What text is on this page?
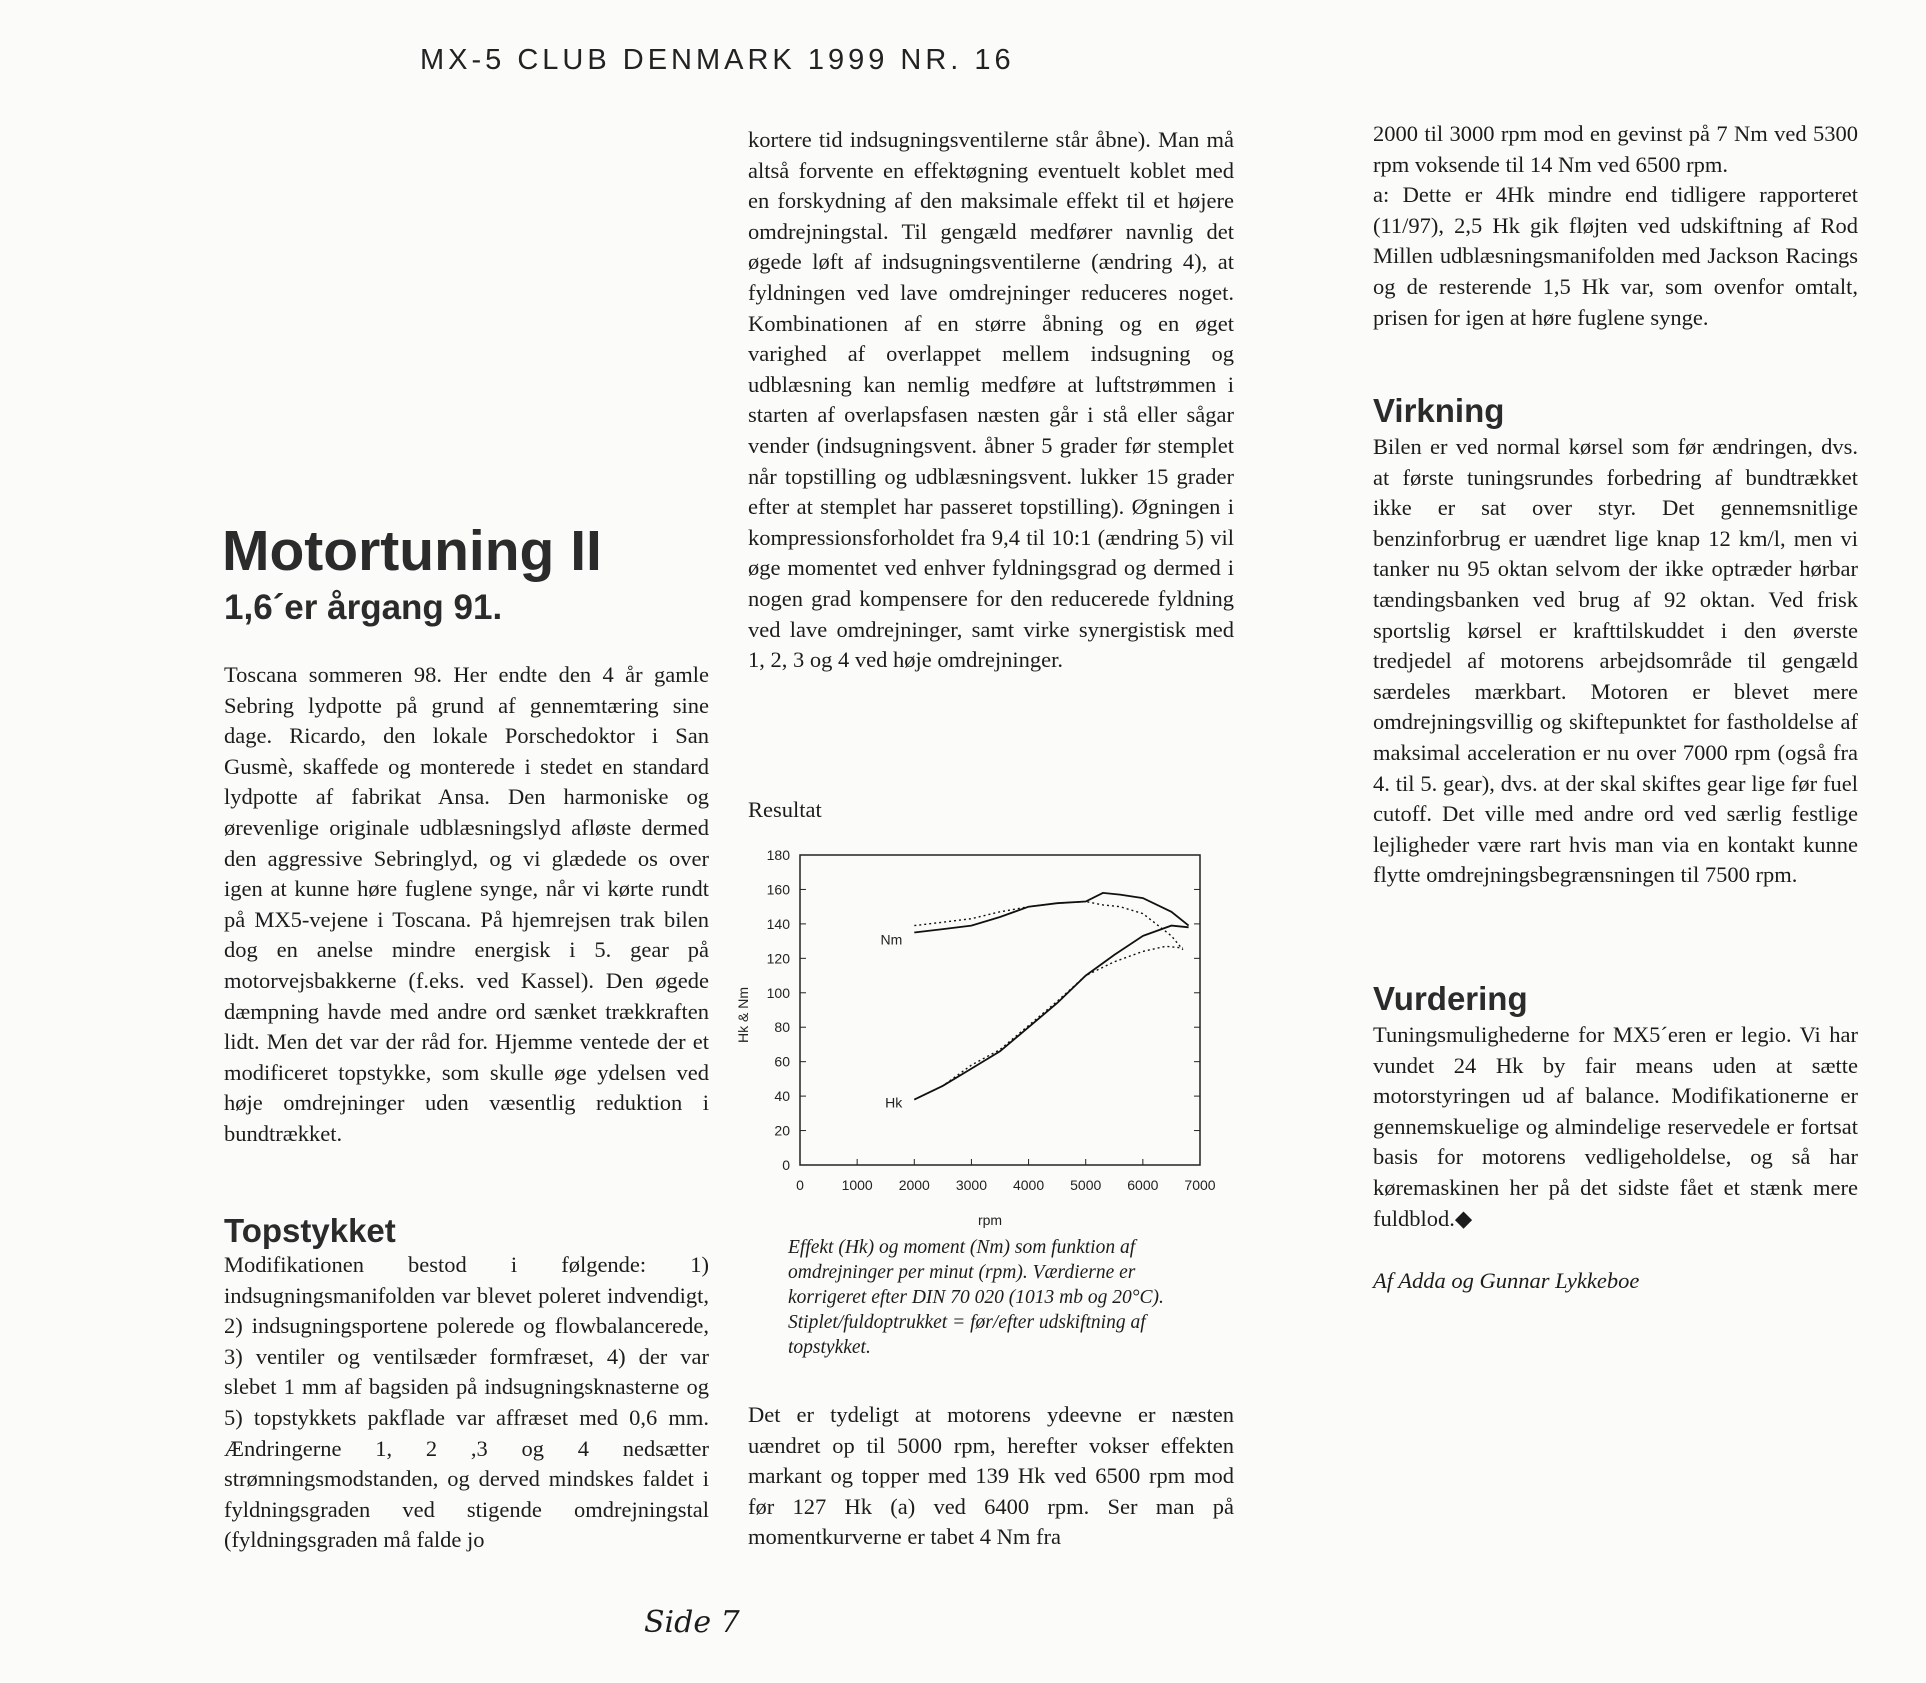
MX-5 CLUB DENMARK 1999 NR. 16
Motortuning II
1,6´er årgang 91.

Toscana sommeren 98. Her endte den 4 år gamle Sebring lydpotte på grund af gennemtæring sine dage. Ricardo, den lokale Porschedoktor i San Gusmè, skaffede og monterede i stedet en standard lydpotte af fabrikat Ansa. Den harmoniske og ørevenlige originale udblæsningslyd afløste dermed den aggressive Sebringlyd, og vi glædede os over igen at kunne høre fuglene synge, når vi kørte rundt på MX5-vejene i Toscana. På hjemrejsen trak bilen dog en anelse mindre energisk i 5. gear på motorvejsbakkerne (f.eks. ved Kassel). Den øgede dæmpning havde med andre ord sænket trækkraften lidt. Men det var der råd for. Hjemme ventede der et modificeret topstykke, som skulle øge ydelsen ved høje omdrejninger uden væsentlig reduktion i bundtrækket.

Topstykket

Modifikationen bestod i følgende: 1) indsugningsmanifolden var blevet poleret indvendigt, 2) indsugningsportene polerede og flowbalancerede, 3) ventiler og ventilsæder formfræset, 4) der var slebet 1 mm af bagsiden på indsugningsknasterne og 5) topstykkets pakflade var affræset med 0,6 mm. Ændringerne 1, 2 ,3 og 4 nedsætter strømningsmodstanden, og derved mindskes faldet i fyldningsgraden ved stigende omdrejningstal (fyldningsgraden må falde jo

kortere tid indsugningsventilerne står åbne). Man må altså forvente en effektøgning eventuelt koblet med en forskydning af den maksimale effekt til et højere omdrejningstal. Til gengæld medfører navnlig det øgede løft af indsugningsventilerne (ændring 4), at fyldningen ved lave omdrejninger reduceres noget. Kombinationen af en større åbning og en øget varighed af overlappet mellem indsugning og udblæsning kan nemlig medføre at luftstrømmen i starten af overlapsfasen næsten går i stå eller sågar vender (indsugningsvent. åbner 5 grader før stemplet når topstilling og udblæsningsvent. lukker 15 grader efter at stemplet har passeret topstilling). Øgningen i kompressionsforholdet fra 9,4 til 10:1 (ændring 5) vil øge momentet ved enhver fyldningsgrad og dermed i nogen grad kompensere for den reducerede fyldning ved lave omdrejninger, samt virke synergistisk med 1, 2, 3 og 4 ved høje omdrejninger.

Resultat
0
20
40
60
80
100
120
140
160
180
0	1000 2000 3000 4000 5000 6000 7000
rpm
Hk & Nm
Nm
Hk
Effekt (Hk) og moment (Nm) som funktion af omdrejninger per minut (rpm). Værdierne er korrigeret efter DIN 70 020 (1013 mb og 20°C). Stiplet/fuldoptrukket = før/efter udskiftning af topstykket.

Det er tydeligt at motorens ydeevne er næsten uændret op til 5000 rpm, herefter vokser effekten markant og topper med 139 Hk ved 6500 rpm mod før 127 Hk (a) ved 6400 rpm. Ser man på momentkurverne er tabet 4 Nm fra

2000 til 3000 rpm mod en gevinst på 7 Nm ved 5300 rpm voksende til 14 Nm ved 6500 rpm.

a: Dette er 4Hk mindre end tidligere rapporteret (11/97), 2,5 Hk gik fløjten ved udskiftning af Rod Millen udblæsningsmanifolden med Jackson Racings og de resterende 1,5 Hk var, som ovenfor omtalt, prisen for igen at høre fuglene synge.

Virkning

Bilen er ved normal kørsel som før ændringen, dvs. at første tuningsrundes forbedring af bundtrækket ikke er sat over styr. Det gennemsnitlige benzinforbrug er uændret lige knap 12 km/l, men vi tanker nu 95 oktan selvom der ikke optræder hørbar tændingsbanken ved brug af 92 oktan. Ved frisk sportslig kørsel er krafttilskuddet i den øverste tredjedel af motorens arbejdsområde til gengæld særdeles mærkbart. Motoren er blevet mere omdrejningsvillig og skiftepunktet for fastholdelse af maksimal acceleration er nu over 7000 rpm (også fra 4. til 5. gear), dvs. at der skal skiftes gear lige før fuel cutoff. Det ville med andre ord ved særlig festlige lejligheder være rart hvis man via en kontakt kunne flytte omdrejningsbegrænsningen til 7500 rpm.

Vurdering

Tuningsmulighederne for MX5´eren er legio. Vi har vundet 24 Hk by fair means uden at sætte motorstyringen ud af balance. Modifikationerne er gennemskuelige og almindelige reservedele er fortsat basis for motorens vedligeholdelse, og så har køremaskinen her på det sidste fået et stænk mere fuldblod.◆

Af Adda og Gunnar Lykkeboe
Side 7
